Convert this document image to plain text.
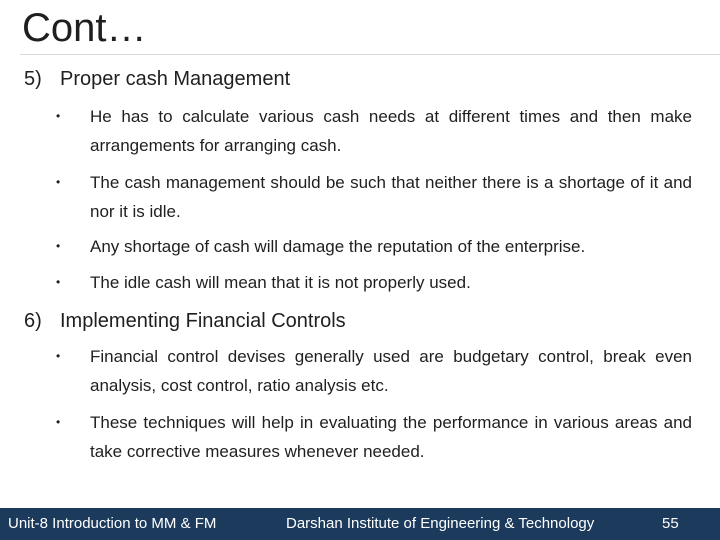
Cont…
5) Proper cash Management
•	He has to calculate various cash needs at different times and then make arrangements for arranging cash.
•	The cash management should be such that neither there is a shortage of it and nor it is idle.
•	Any shortage of cash will damage the reputation of the enterprise.
•	The idle cash will mean that it is not properly used.
6) Implementing Financial Controls
•	Financial control devises generally used are budgetary control, break even analysis, cost control, ratio analysis etc.
•	These techniques will help in evaluating the performance in various areas and take corrective measures whenever needed.
Unit-8 Introduction to MM & FM	Darshan Institute of Engineering & Technology	55
